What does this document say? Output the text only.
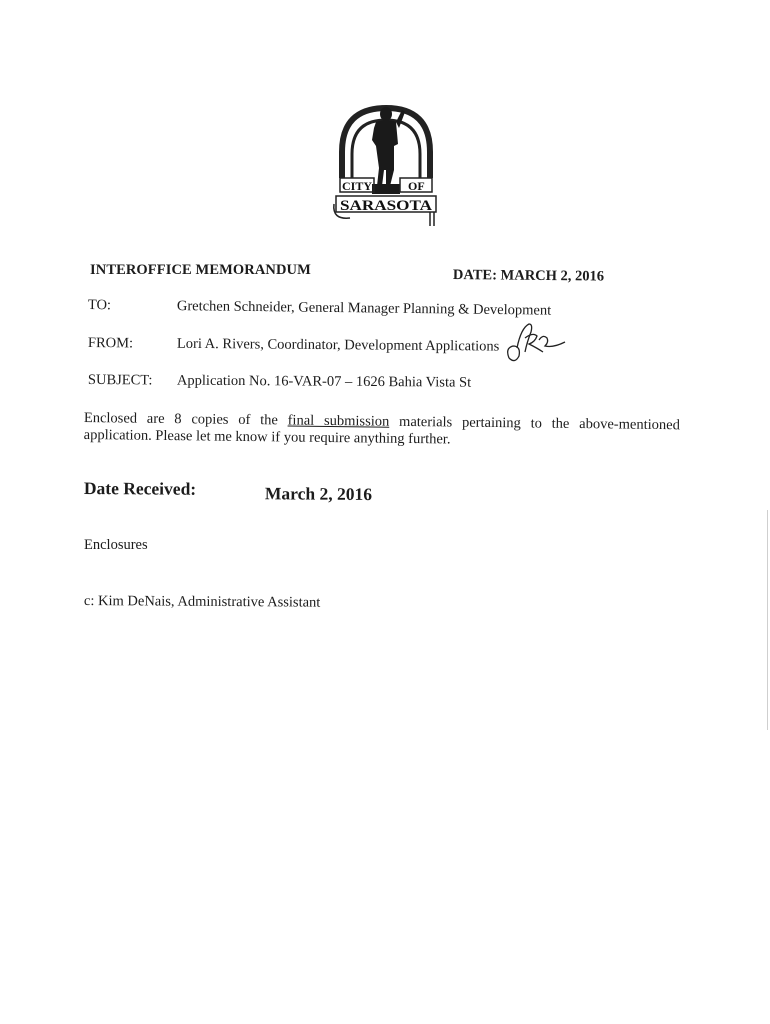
CITY	OF
SARASOTA
INTEROFFICE MEMORANDUM	DATE: MARCH 2, 2016
TO:	Gretchen Schneider, General Manager Planning & Development
FROM:	Lori A. Rivers, Coordinator, Development Applications
SUBJECT: Application No. 16-VAR-07 – 1626 Bahia Vista St
Enclosed are 8 copies of the final submission materials pertaining to the above-mentioned
application. Please let me know if you require anything further.
Date Received:	March 2, 2016
Enclosures
c: Kim DeNais, Administrative Assistant
